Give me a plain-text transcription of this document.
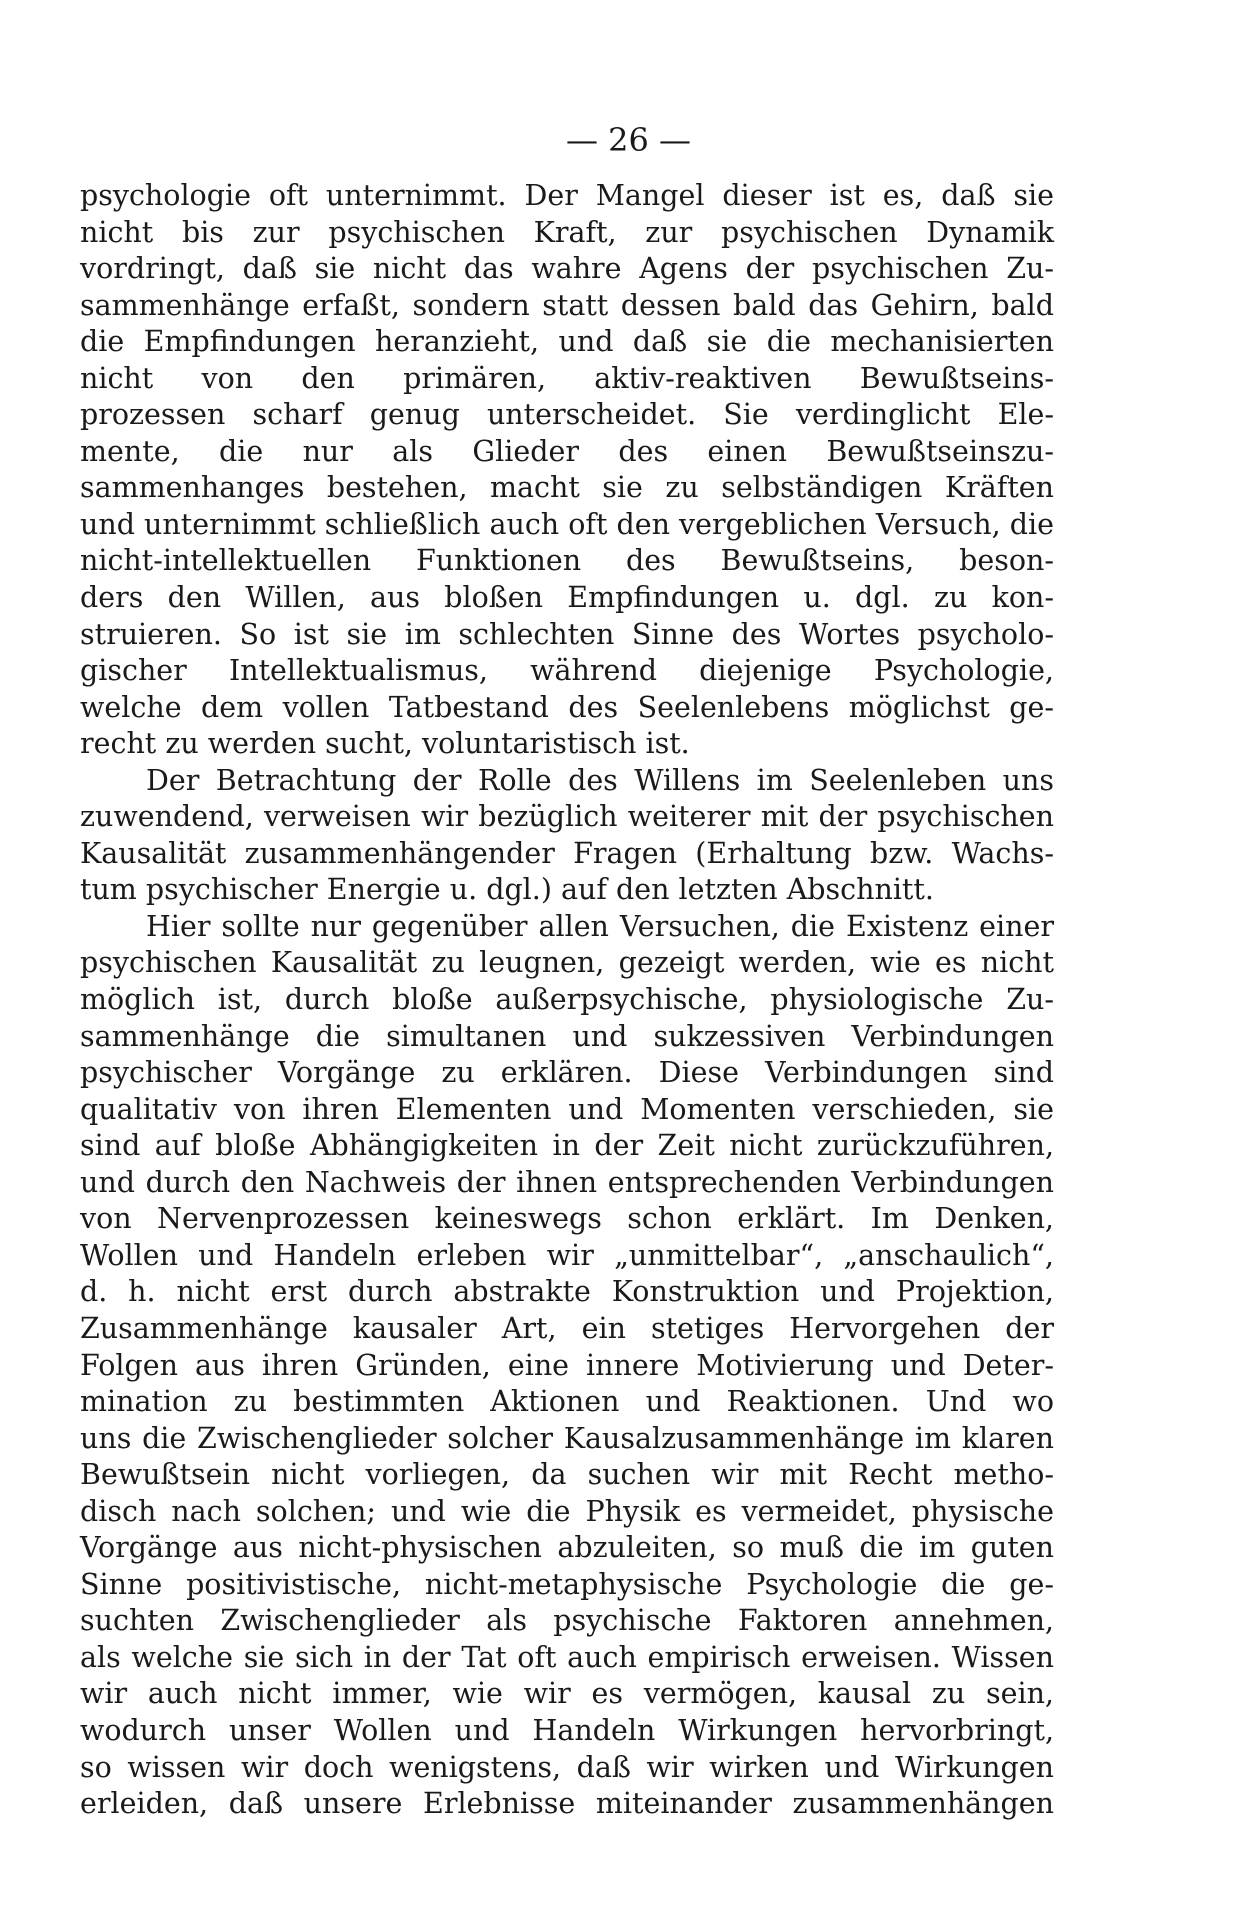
— 26 —
psychologie oft unternimmt. Der Mangel dieser ist es, daß sie
nicht bis zur psychischen Kraft, zur psychischen Dynamik
vordringt, daß sie nicht das wahre Agens der psychischen Zu-
sammenhänge erfaßt, sondern statt dessen bald das Gehirn, bald
die Empfindungen heranzieht, und daß sie die mechanisierten
nicht von den primären, aktiv-reaktiven Bewußtseins-
prozessen scharf genug unterscheidet. Sie verdinglicht Ele-
mente, die nur als Glieder des einen Bewußtseinszu-
sammenhanges bestehen, macht sie zu selbständigen Kräften
und unternimmt schließlich auch oft den vergeblichen Versuch, die
nicht-intellektuellen Funktionen des Bewußtseins, beson-
ders den Willen, aus bloßen Empfindungen u. dgl. zu kon-
struieren. So ist sie im schlechten Sinne des Wortes psycholo-
gischer Intellektualismus, während diejenige Psychologie,
welche dem vollen Tatbestand des Seelenlebens möglichst ge-
recht zu werden sucht, voluntaristisch ist.
Der Betrachtung der Rolle des Willens im Seelenleben uns
zuwendend, verweisen wir bezüglich weiterer mit der psychischen
Kausalität zusammenhängender Fragen (Erhaltung bzw. Wachs-
tum psychischer Energie u. dgl.) auf den letzten Abschnitt.
Hier sollte nur gegenüber allen Versuchen, die Existenz einer
psychischen Kausalität zu leugnen, gezeigt werden, wie es nicht
möglich ist, durch bloße außerpsychische, physiologische Zu-
sammenhänge die simultanen und sukzessiven Verbindungen
psychischer Vorgänge zu erklären. Diese Verbindungen sind
qualitativ von ihren Elementen und Momenten verschieden, sie
sind auf bloße Abhängigkeiten in der Zeit nicht zurückzuführen,
und durch den Nachweis der ihnen entsprechenden Verbindungen
von Nervenprozessen keineswegs schon erklärt. Im Denken,
Wollen und Handeln erleben wir „unmittelbar“, „anschaulich“,
d. h. nicht erst durch abstrakte Konstruktion und Projektion,
Zusammenhänge kausaler Art, ein stetiges Hervorgehen der
Folgen aus ihren Gründen, eine innere Motivierung und Deter-
mination zu bestimmten Aktionen und Reaktionen. Und wo
uns die Zwischenglieder solcher Kausalzusammenhänge im klaren
Bewußtsein nicht vorliegen, da suchen wir mit Recht metho-
disch nach solchen; und wie die Physik es vermeidet, physische
Vorgänge aus nicht-physischen abzuleiten, so muß die im guten
Sinne positivistische, nicht-metaphysische Psychologie die ge-
suchten Zwischenglieder als psychische Faktoren annehmen,
als welche sie sich in der Tat oft auch empirisch erweisen. Wissen
wir auch nicht immer, wie wir es vermögen, kausal zu sein,
wodurch unser Wollen und Handeln Wirkungen hervorbringt,
so wissen wir doch wenigstens, daß wir wirken und Wirkungen
erleiden, daß unsere Erlebnisse miteinander zusammenhängen
